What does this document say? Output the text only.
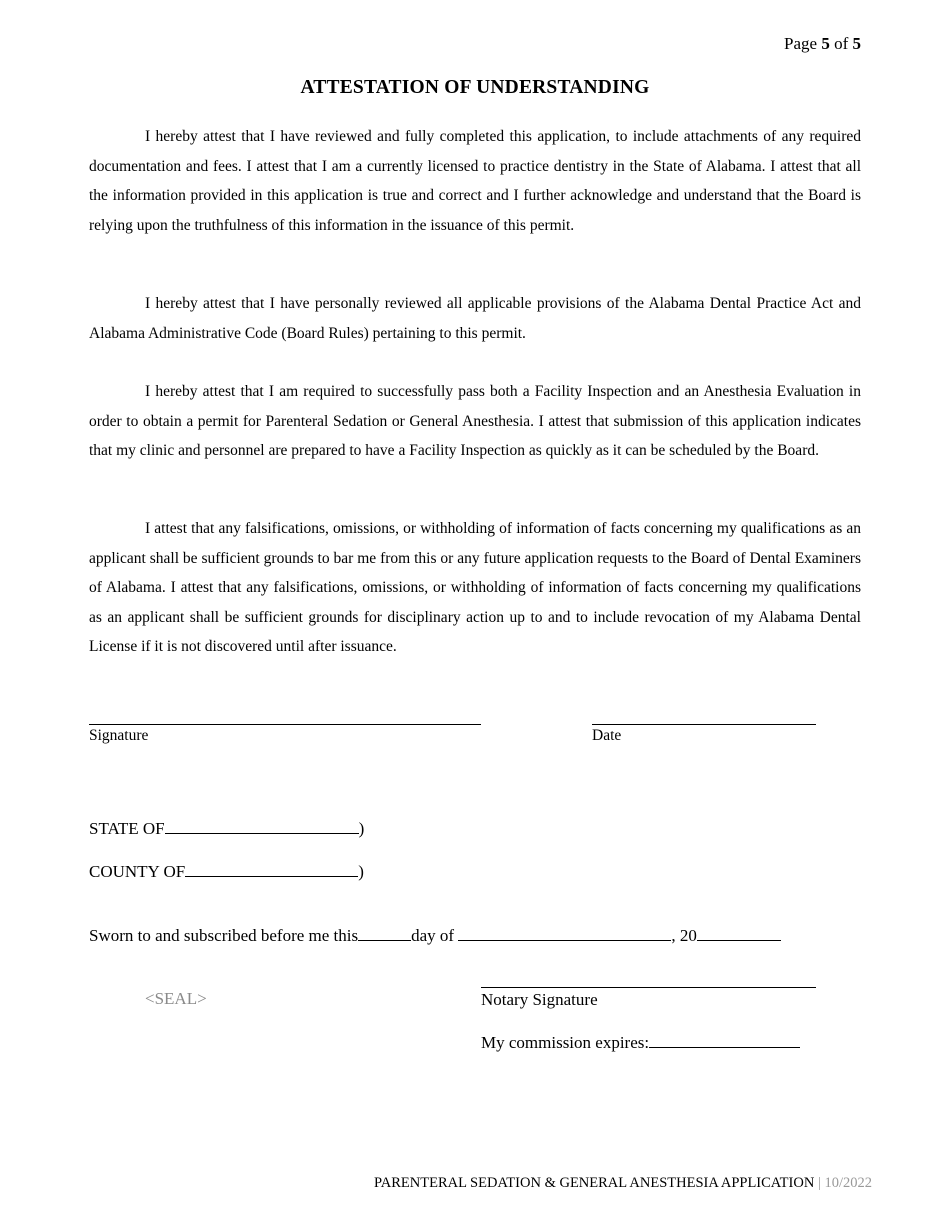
Page 5 of 5
ATTESTATION OF UNDERSTANDING

I hereby attest that I have reviewed and fully completed this application, to include attachments of any required documentation and fees. I attest that I am a currently licensed to practice dentistry in the State of Alabama. I attest that all the information provided in this application is true and correct and I further acknowledge and understand that the Board is relying upon the truthfulness of this information in the issuance of this permit.

I hereby attest that I have personally reviewed all applicable provisions of the Alabama Dental Practice Act and Alabama Administrative Code (Board Rules) pertaining to this permit.

I hereby attest that I am required to successfully pass both a Facility Inspection and an Anesthesia Evaluation in order to obtain a permit for Parenteral Sedation or General Anesthesia. I attest that submission of this application indicates that my clinic and personnel are prepared to have a Facility Inspection as quickly as it can be scheduled by the Board.

I attest that any falsifications, omissions, or withholding of information of facts concerning my qualifications as an applicant shall be sufficient grounds to bar me from this or any future application requests to the Board of Dental Examiners of Alabama. I attest that any falsifications, omissions, or withholding of information of facts concerning my qualifications as an applicant shall be sufficient grounds for disciplinary action up to and to include revocation of my Alabama Dental License if it is not discovered until after issuance.

Signature	Date
STATE OF	)
COUNTY OF	)
Sworn to and subscribed before me this	day of	, 20
<SEAL>	Notary Signature
My commission expires:
PARENTERAL SEDATION & GENERAL ANESTHESIA APPLICATION | 10/2022
